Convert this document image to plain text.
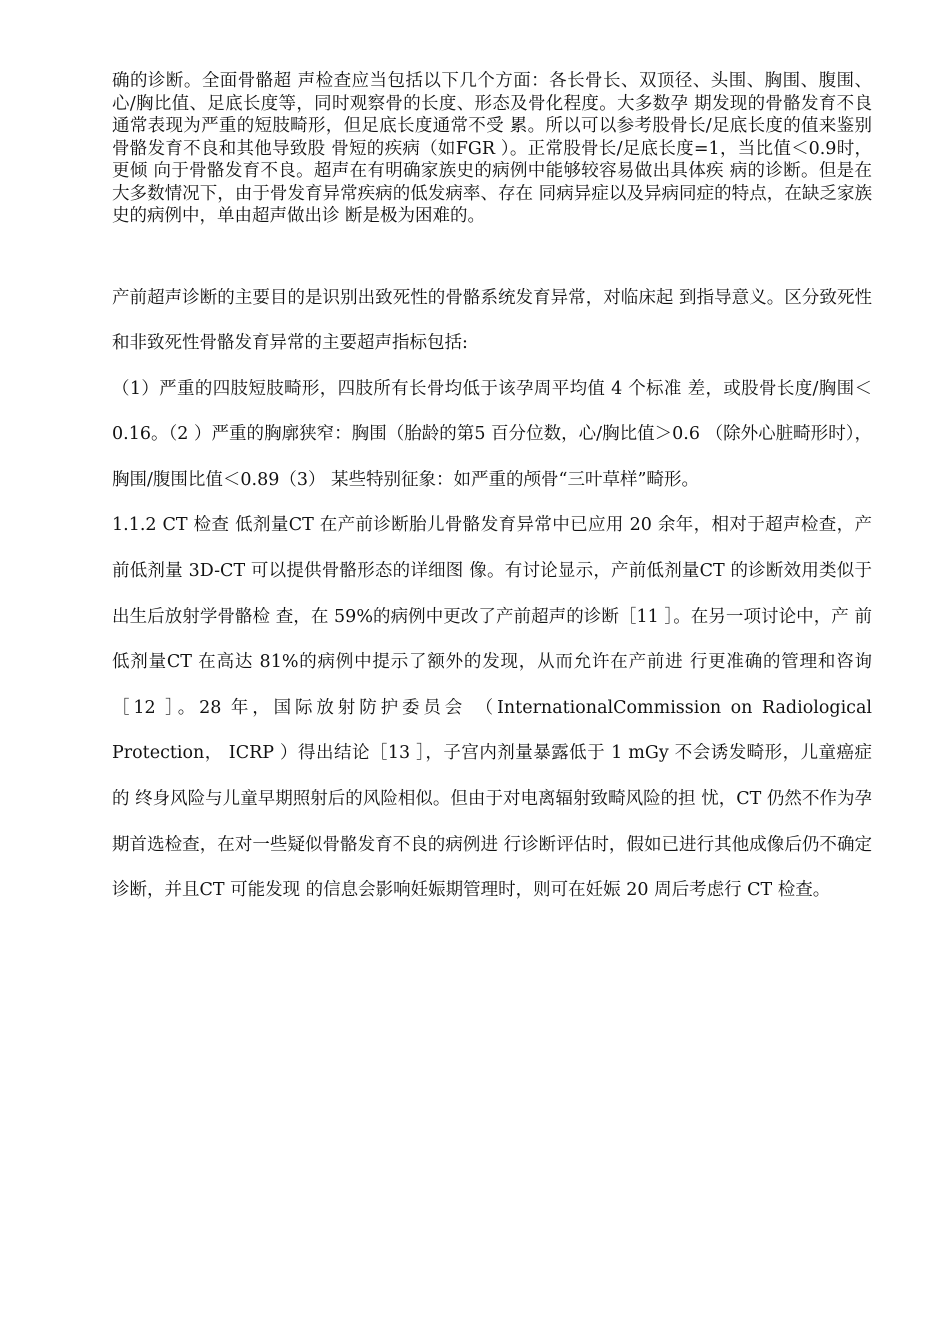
确的诊断。全面骨骼超 声检查应当包括以下几个方面：各长骨长、双顶径、头围、胸围、腹围、 心/胸比值、足底长度等，同时观察骨的长度、形态及骨化程度。大多数孕 期发现的骨骼发育不良通常表现为严重的短肢畸形，但足底长度通常不受 累。所以可以参考股骨长/足底长度的值来鉴别骨骼发育不良和其他导致股 骨短的疾病（如FGR ）。正常股骨长/足底长度=1，当比值＜0.9时，更倾 向于骨骼发育不良。超声在有明确家族史的病例中能够较容易做出具体疾 病的诊断。但是在大多数情况下，由于骨发育异常疾病的低发病率、存在 同病异症以及异病同症的特点，在缺乏家族史的病例中，单由超声做出诊 断是极为困难的。

产前超声诊断的主要目的是识别出致死性的骨骼系统发育异常，对临床起 到指导意义。区分致死性和非致死性骨骼发育异常的主要超声指标包括:

（1）严重的四肢短肢畸形，四肢所有长骨均低于该孕周平均值 4 个标准 差，或股骨长度/胸围＜0.16。（2 ）严重的胸廓狭窄：胸围（胎龄的第5 百分位数，心/胸比值＞0.6 （除外心脏畸形时），胸围/腹围比值＜0.89（3） 某些特别征象：如严重的颅骨“三叶草样”畸形。

1.1.2 CT 检查 低剂量CT 在产前诊断胎儿骨骼发育异常中已应用 20 余年，相对于超声检查，产前低剂量 3D-CT 可以提供骨骼形态的详细图 像。有讨论显示，产前低剂量CT 的诊断效用类似于出生后放射学骨骼检 查，在 59%的病例中更改了产前超声的诊断［11 ］。在另一项讨论中，产 前低剂量CT 在高达 81%的病例中提示了额外的发现，从而允许在产前进 行更准确的管理和咨询［12 ］。28 年，国际放射防护委员会 （InternationalCommission on Radiological Protection， ICRP ）得出结论［13 ］，子宫内剂量暴露低于 1 mGy 不会诱发畸形，儿童癌症的 终身风险与儿童早期照射后的风险相似。但由于对电离辐射致畸风险的担 忧，CT 仍然不作为孕期首选检查，在对一些疑似骨骼发育不良的病例进 行诊断评估时，假如已进行其他成像后仍不确定诊断，并且CT 可能发现 的信息会影响妊娠期管理时，则可在妊娠 20 周后考虑行 CT 检查。
